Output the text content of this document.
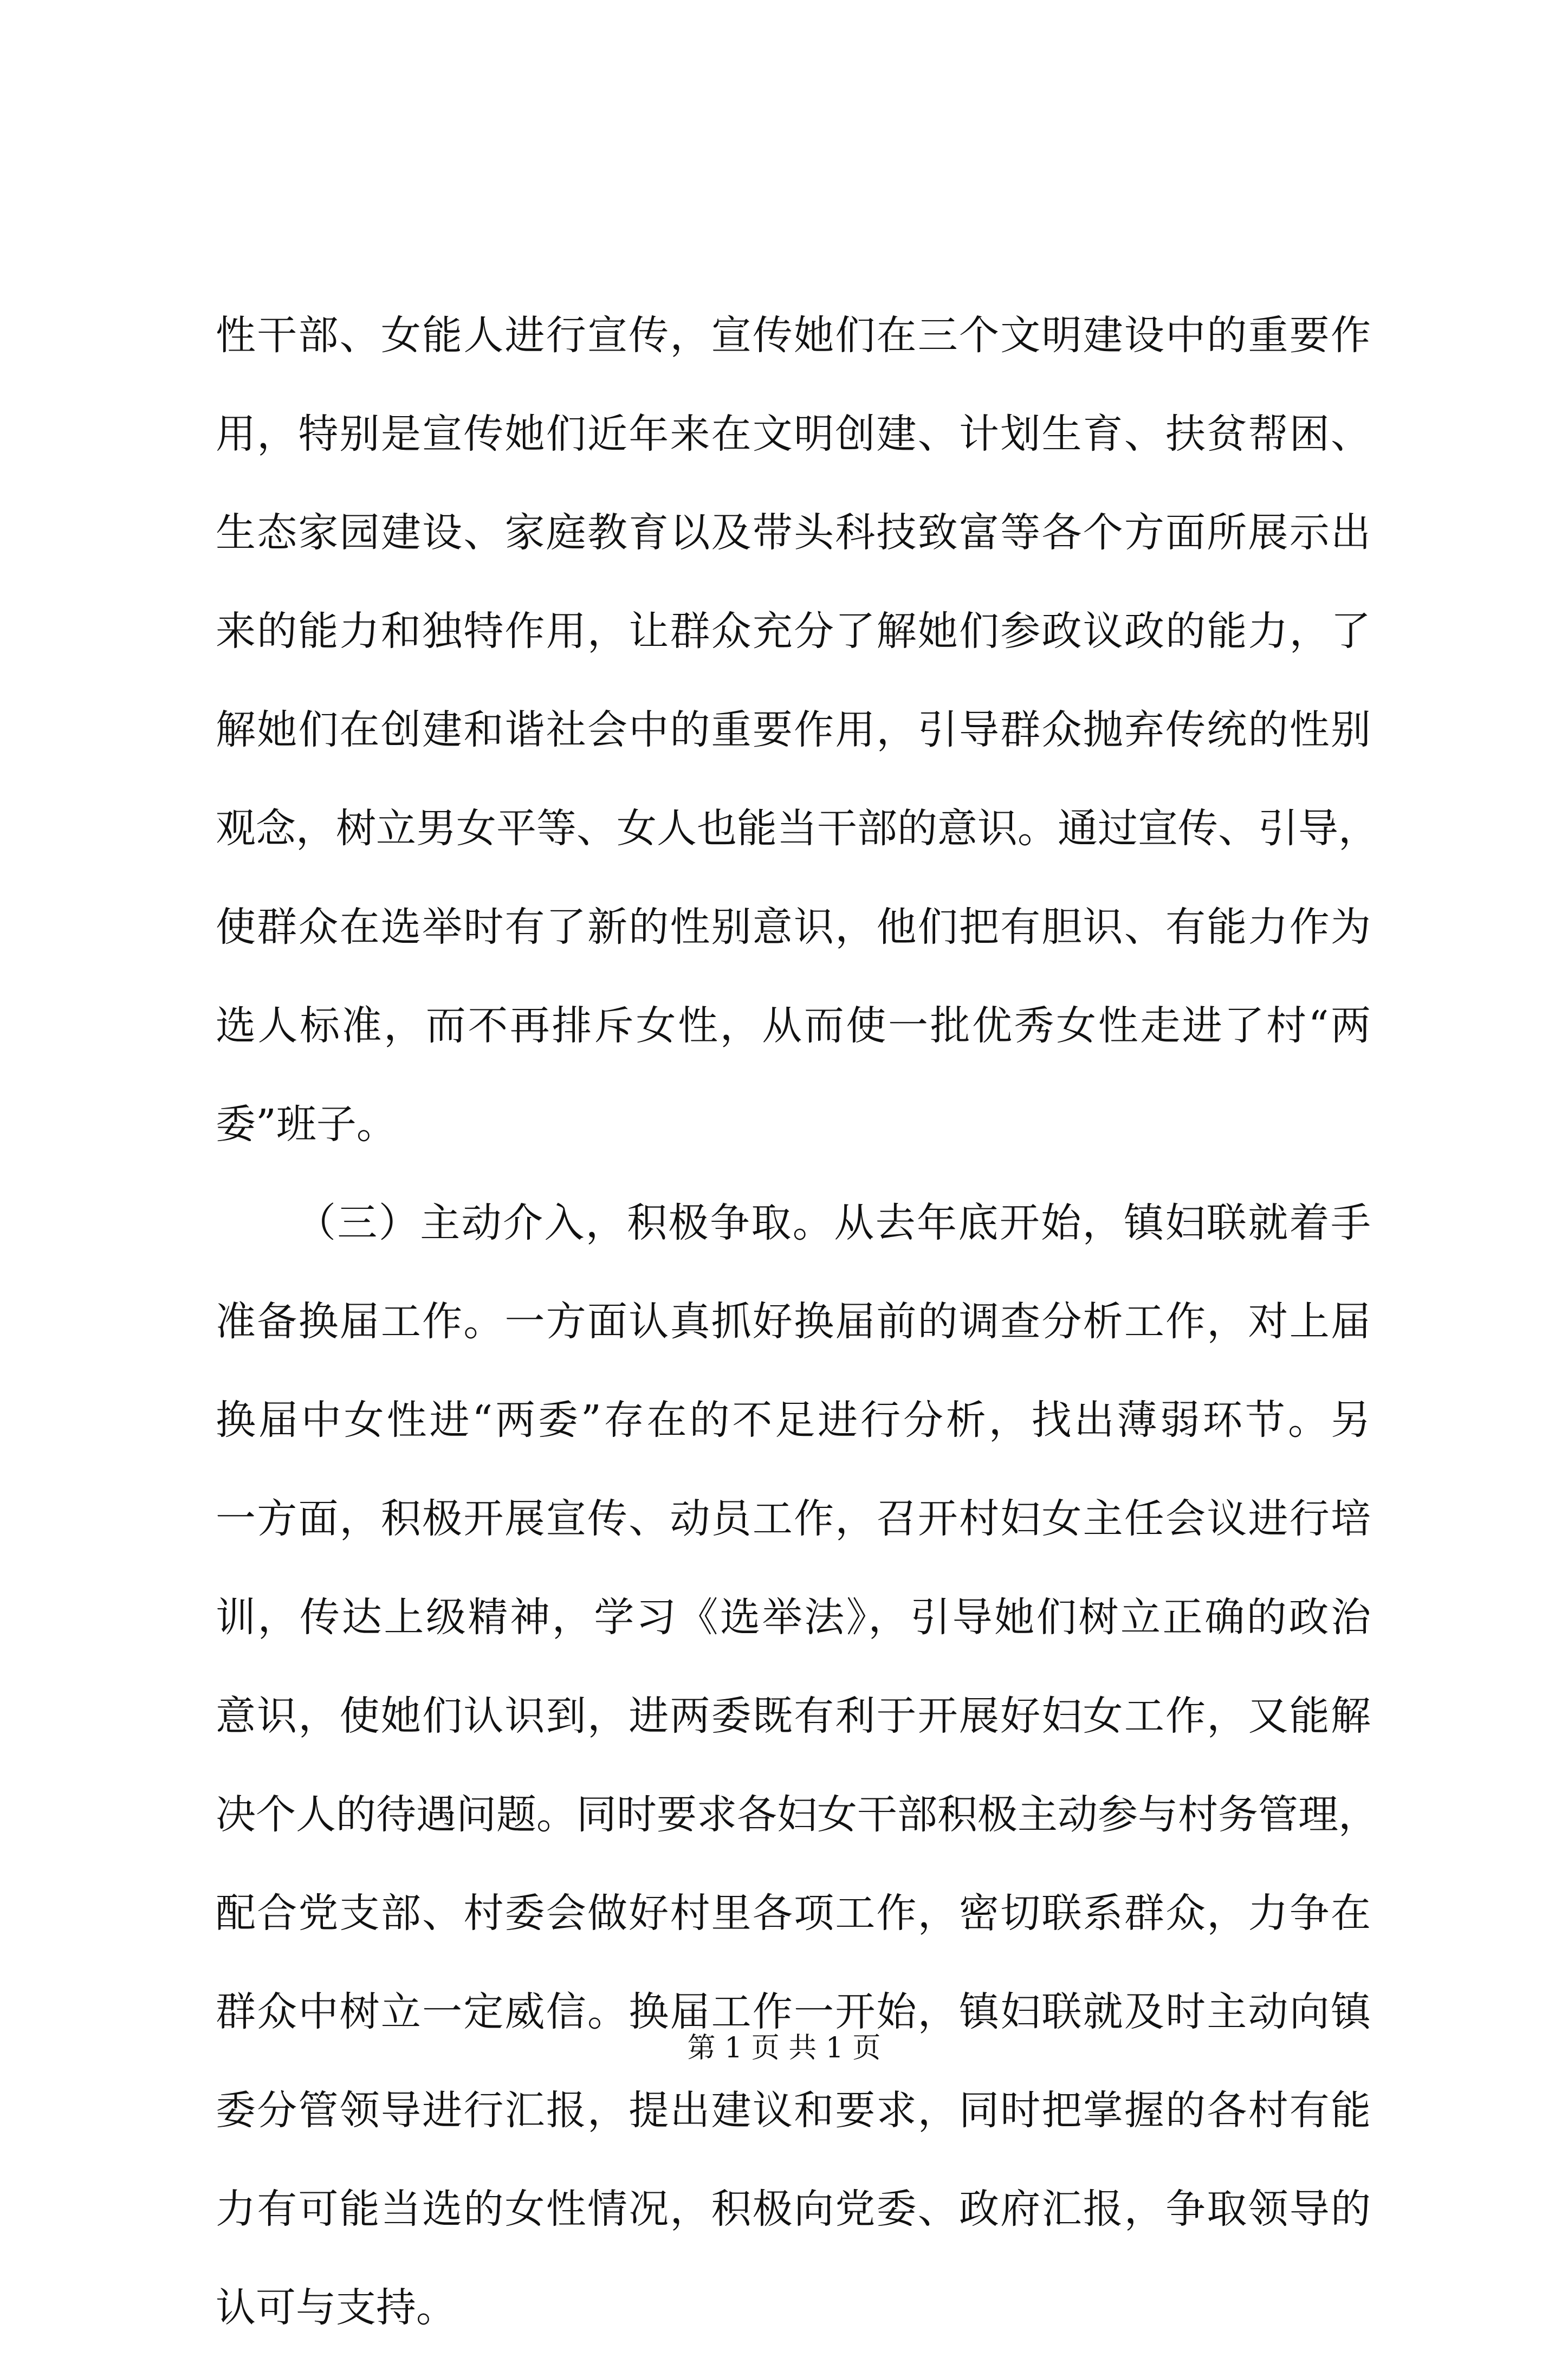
性干部、女能人进行宣传，宣传她们在三个文明建设中的重要作
用，特别是宣传她们近年来在文明创建、计划生育、扶贫帮困、
生态家园建设、家庭教育以及带头科技致富等各个方面所展示出
来的能力和独特作用，让群众充分了解她们参政议政的能力，了
解她们在创建和谐社会中的重要作用，引导群众抛弃传统的性别
观念，树立男女平等、女人也能当干部的意识。通过宣传、引导，
使群众在选举时有了新的性别意识，他们把有胆识、有能力作为
选人标准，而不再排斥女性，从而使一批优秀女性走进了村“两
委”班子。
（三）主动介入，积极争取。从去年底开始，镇妇联就着手
准备换届工作。一方面认真抓好换届前的调查分析工作，对上届
换届中女性进“两委”存在的不足进行分析，找出薄弱环节。另
一方面，积极开展宣传、动员工作，召开村妇女主任会议进行培
训，传达上级精神，学习《选举法》，引导她们树立正确的政治
意识，使她们认识到，进两委既有利于开展好妇女工作，又能解
决个人的待遇问题。同时要求各妇女干部积极主动参与村务管理，
配合党支部、村委会做好村里各项工作，密切联系群众，力争在
群众中树立一定威信。换届工作一开始，镇妇联就及时主动向镇
委分管领导进行汇报，提出建议和要求，同时把掌握的各村有能
力有可能当选的女性情况，积极向党委、政府汇报，争取领导的
认可与支持。
第 1 页 共 1 页
